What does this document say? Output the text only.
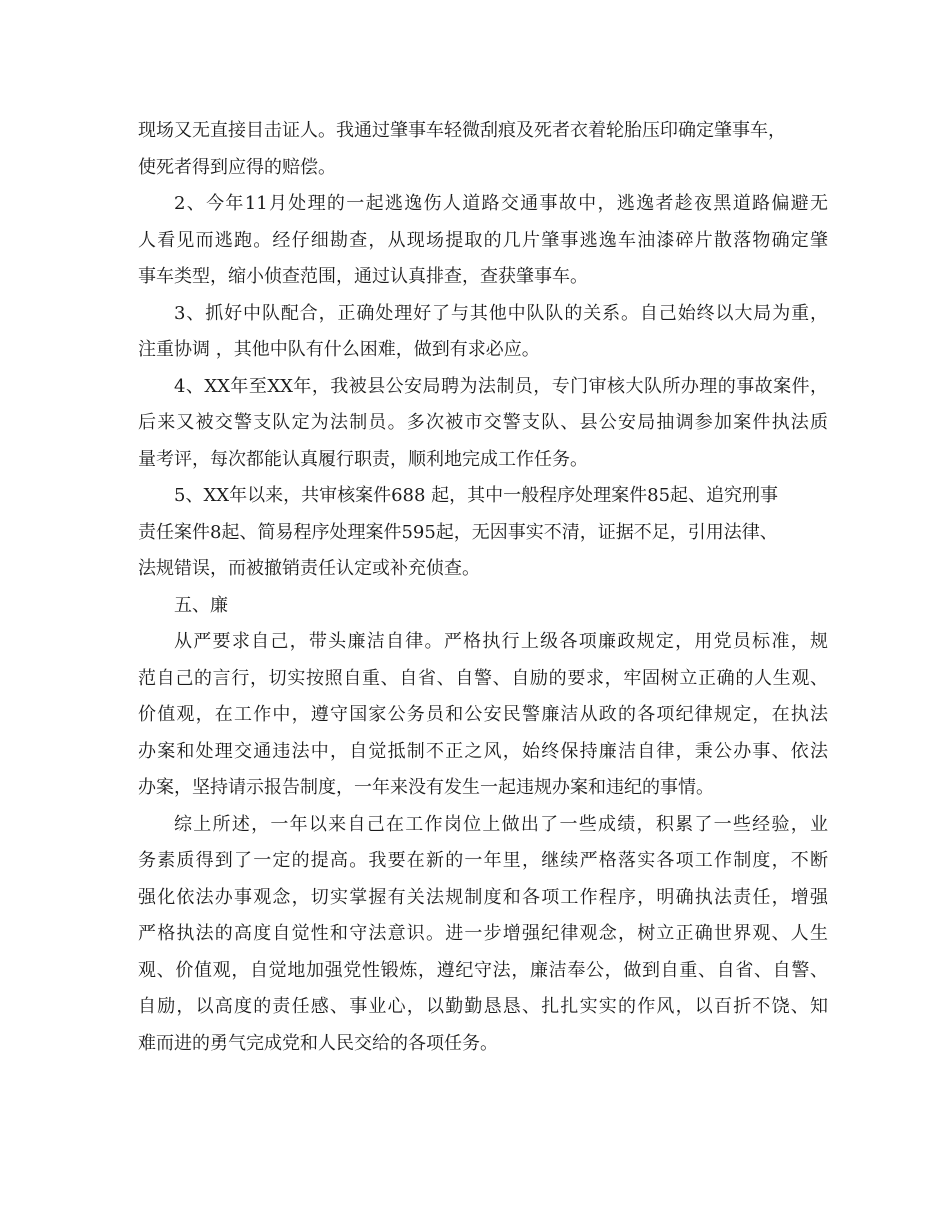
现场又无直接目击证人。我通过肇事车轻微刮痕及死者衣着轮胎压印确定肇事车，
使死者得到应得的赔偿。
2、今年11月处理的一起逃逸伤人道路交通事故中，逃逸者趁夜黑道路偏避无
人看见而逃跑。经仔细勘查，从现场提取的几片肇事逃逸车油漆碎片散落物确定肇
事车类型，缩小侦查范围，通过认真排查，查获肇事车。
3、抓好中队配合，正确处理好了与其他中队队的关系。自己始终以大局为重，
注重协调 ，其他中队有什么困难，做到有求必应。
4、XX年至XX年，我被县公安局聘为法制员，专门审核大队所办理的事故案件，
后来又被交警支队定为法制员。多次被市交警支队、县公安局抽调参加案件执法质
量考评，每次都能认真履行职责，顺利地完成工作任务。
5、XX年以来，共审核案件688 起，其中一般程序处理案件85起、追究刑事
责任案件8起、简易程序处理案件595起，无因事实不清，证据不足，引用法律、
法规错误，而被撤销责任认定或补充侦查。
五、廉
从严要求自己，带头廉洁自律。严格执行上级各项廉政规定，用党员标准，规
范自己的言行，切实按照自重、自省、自警、自励的要求，牢固树立正确的人生观、
价值观，在工作中，遵守国家公务员和公安民警廉洁从政的各项纪律规定，在执法
办案和处理交通违法中，自觉抵制不正之风，始终保持廉洁自律，秉公办事、依法
办案，坚持请示报告制度，一年来没有发生一起违规办案和违纪的事情。
综上所述，一年以来自己在工作岗位上做出了一些成绩，积累了一些经验，业
务素质得到了一定的提高。我要在新的一年里，继续严格落实各项工作制度，不断
强化依法办事观念，切实掌握有关法规制度和各项工作程序，明确执法责任，增强
严格执法的高度自觉性和守法意识。进一步增强纪律观念，树立正确世界观、人生
观、价值观，自觉地加强党性锻炼，遵纪守法，廉洁奉公，做到自重、自省、自警、
自励，以高度的责任感、事业心，以勤勤恳恳、扎扎实实的作风，以百折不饶、知
难而进的勇气完成党和人民交给的各项任务。
